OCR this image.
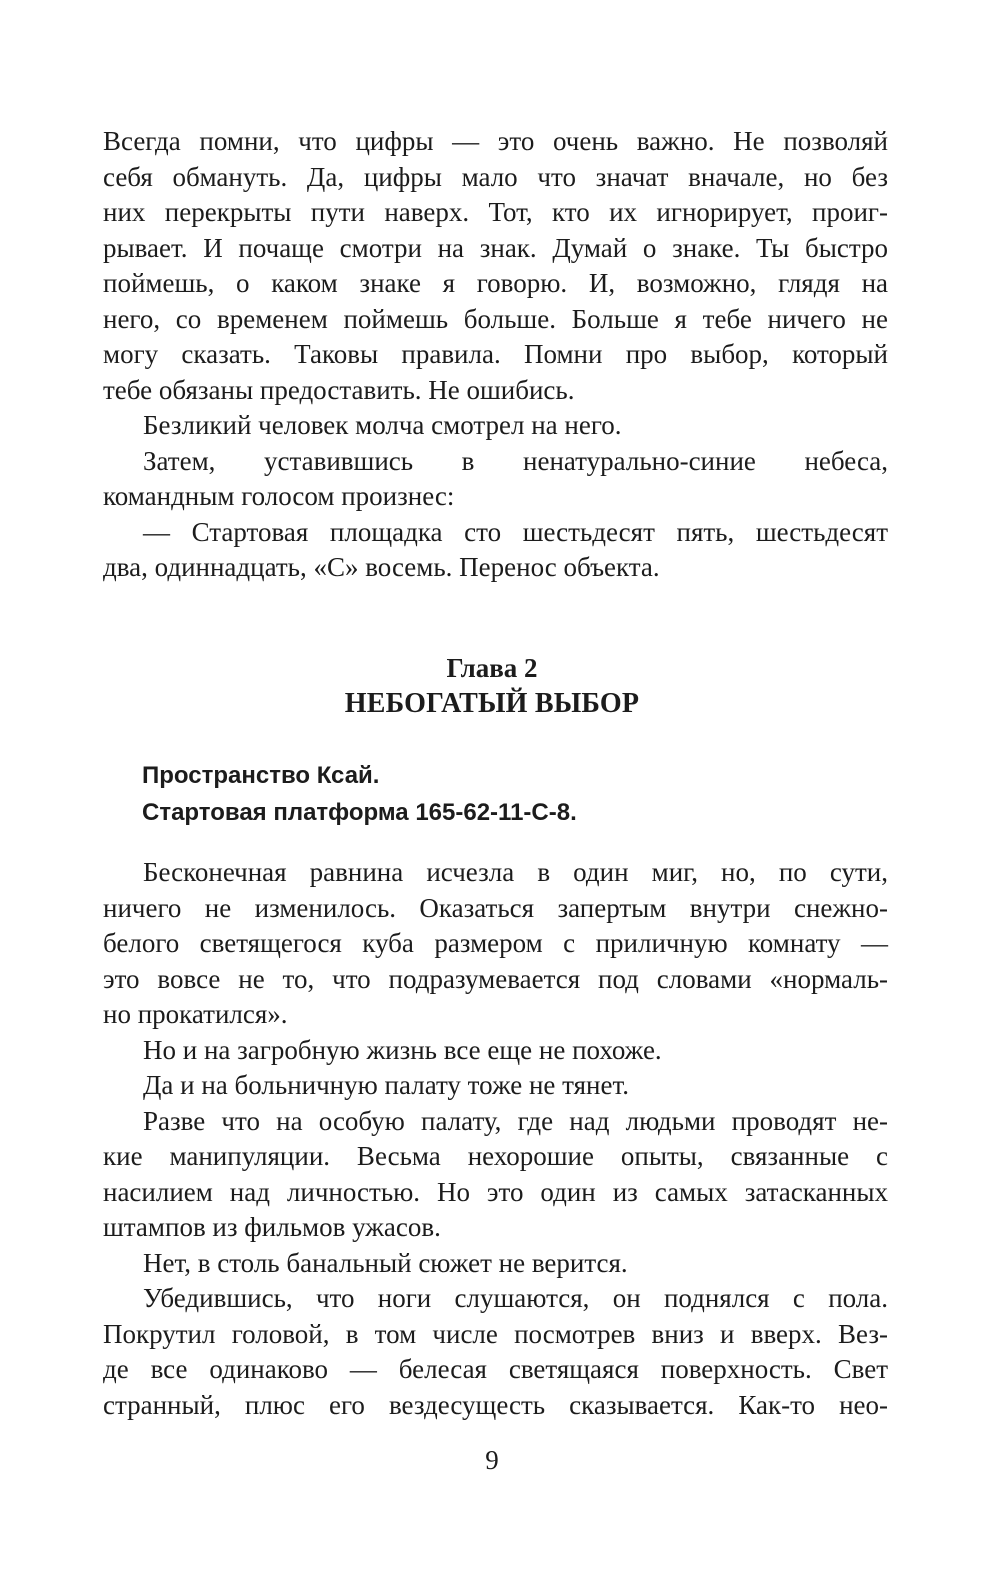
Всегда помни, что цифры — это очень важно. Не позволяй
себя обмануть. Да, цифры мало что значат вначале, но без
них перекрыты пути наверх. Тот, кто их игнорирует, проиг-
рывает. И почаще смотри на знак. Думай о знаке. Ты быстро
поймешь, о каком знаке я говорю. И, возможно, глядя на
него, со временем поймешь больше. Больше я тебе ничего не
могу сказать. Таковы правила. Помни про выбор, который
тебе обязаны предоставить. Не ошибись.
Безликий человек молча смотрел на него.
Затем, уставившись в ненатурально-синие небеса,
командным голосом произнес:
— Стартовая площадка сто шестьдесят пять, шестьдесят
два, одиннадцать, «С» восемь. Перенос объекта.
Глава 2
НЕБОГАТЫЙ ВЫБОР
Пространство Ксай.
Стартовая платформа 165-62-11-С-8.
Бесконечная равнина исчезла в один миг, но, по сути,
ничего не изменилось. Оказаться запертым внутри снежно-
белого светящегося куба размером с приличную комнату —
это вовсе не то, что подразумевается под словами «нормаль-
но прокатился».
Но и на загробную жизнь все еще не похоже.
Да и на больничную палату тоже не тянет.
Разве что на особую палату, где над людьми проводят не-
кие манипуляции. Весьма нехорошие опыты, связанные с
насилием над личностью. Но это один из самых затасканных
штампов из фильмов ужасов.
Нет, в столь банальный сюжет не верится.
Убедившись, что ноги слушаются, он поднялся с пола.
Покрутил головой, в том числе посмотрев вниз и вверх. Вез-
де все одинаково — белесая светящаяся поверхность. Свет
странный, плюс его вездесущесть сказывается. Как-то нео-
9
